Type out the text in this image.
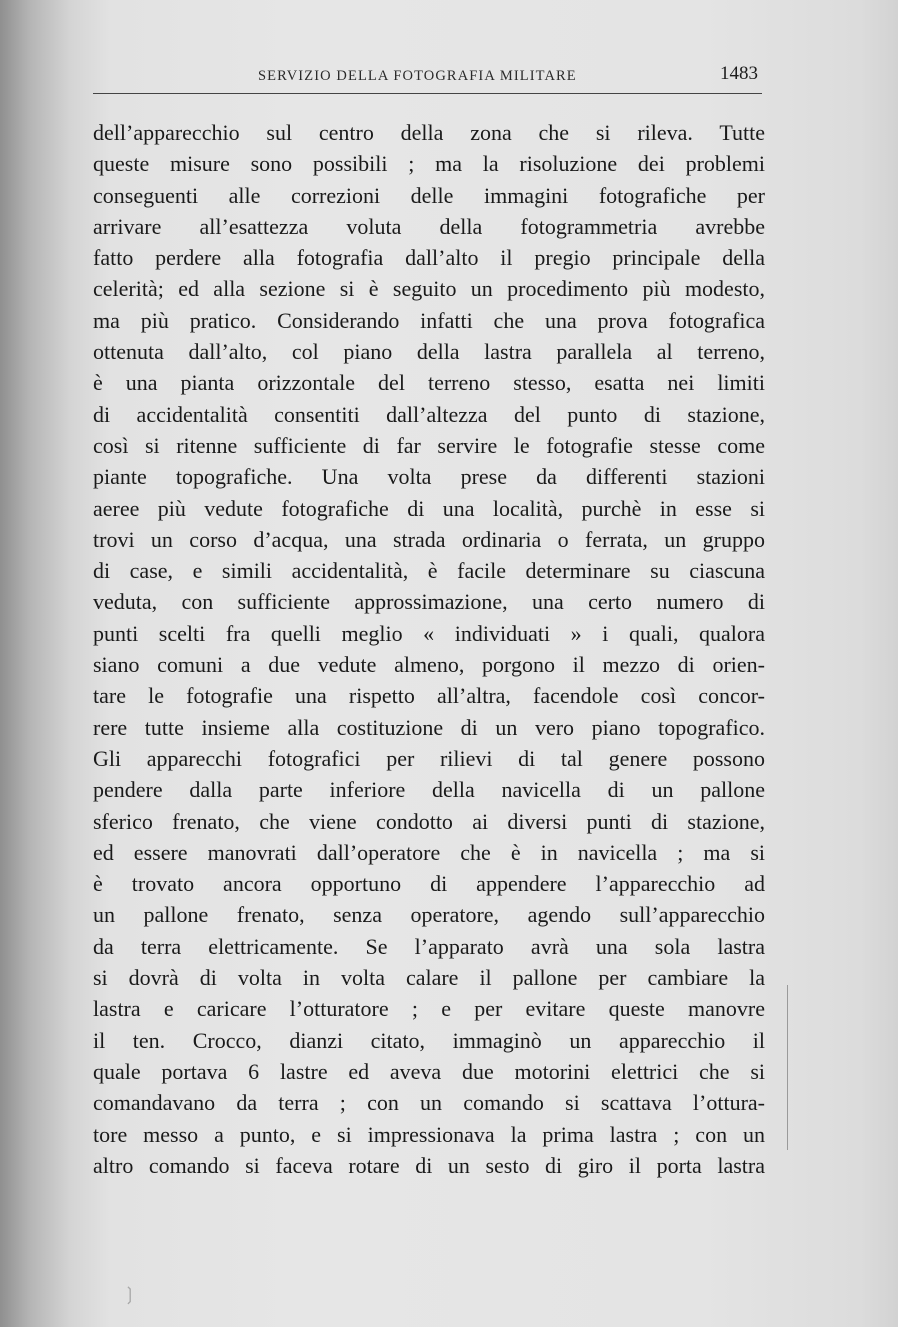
SERVIZIO DELLA FOTOGRAFIA MILITARE	1483
dell’apparecchio sul centro della zona che si rileva. Tutte
queste misure sono possibili ; ma la risoluzione dei problemi
conseguenti alle correzioni delle immagini fotografiche per
arrivare all’esattezza voluta della fotogrammetria avrebbe
fatto perdere alla fotografia dall’alto il pregio principale della
celerità; ed alla sezione si è seguito un procedimento più modesto,
ma più pratico. Considerando infatti che una prova fotografica
ottenuta dall’alto, col piano della lastra parallela al terreno,
è una pianta orizzontale del terreno stesso, esatta nei limiti
di accidentalità consentiti dall’altezza del punto di stazione,
così si ritenne sufficiente di far servire le fotografie stesse come
piante topografiche. Una volta prese da differenti stazioni
aeree più vedute fotografiche di una località, purchè in esse si
trovi un corso d’acqua, una strada ordinaria o ferrata, un gruppo
di case, e simili accidentalità, è facile determinare su ciascuna
veduta, con sufficiente approssimazione, una certo numero di
punti scelti fra quelli meglio « individuati » i quali, qualora
siano comuni a due vedute almeno, porgono il mezzo di orien-
tare le fotografie una rispetto all’altra, facendole così concor-
rere tutte insieme alla costituzione di un vero piano topografico.
Gli apparecchi fotografici per rilievi di tal genere possono
pendere dalla parte inferiore della navicella di un pallone
sferico frenato, che viene condotto ai diversi punti di stazione,
ed essere manovrati dall’operatore che è in navicella ; ma si
è trovato ancora opportuno di appendere l’apparecchio ad
un pallone frenato, senza operatore, agendo sull’apparecchio
da terra elettricamente. Se l’apparato avrà una sola lastra
si dovrà di volta in volta calare il pallone per cambiare la
lastra e caricare l’otturatore ; e per evitare queste manovre
il ten. Crocco, dianzi citato, immaginò un apparecchio il
quale portava 6 lastre ed aveva due motorini elettrici che si
comandavano da terra ; con un comando si scattava l’ottura-
tore messo a punto, e si impressionava la prima lastra ; con un
altro comando si faceva rotare di un sesto di giro il porta lastra
❳
